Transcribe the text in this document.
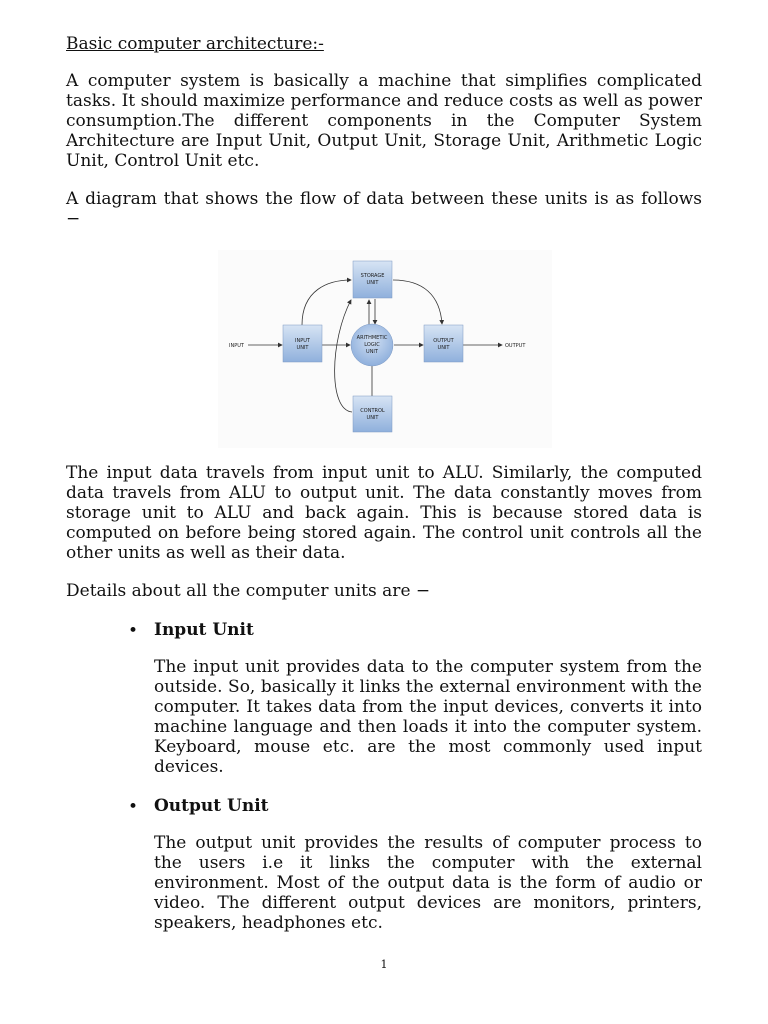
Basic computer architecture:-

A computer system is basically a machine that simplifies complicated tasks. It should maximize performance and reduce costs as well as power consumption.The different components in the Computer System Architecture are Input Unit, Output Unit, Storage Unit, Arithmetic Logic Unit, Control Unit etc.

A diagram that shows the flow of data between these units is as follows −

INPUT	OUTPUT
STORAGE
UNIT
INPUT
UNIT
ARITHMETIC
LOGIC
UNIT
OUTPUT
UNIT
CONTROL
UNIT

The input data travels from input unit to ALU. Similarly, the computed data travels from ALU to output unit. The data constantly moves from storage unit to ALU and back again. This is because stored data is computed on before being stored again. The control unit controls all the other units as well as their data.

Details about all the computer units are −

• Input Unit

The input unit provides data to the computer system from the outside. So, basically it links the external environment with the computer. It takes data from the input devices, converts it into machine language and then loads it into the computer system. Keyboard, mouse etc. are the most commonly used input devices.

• Output Unit

The output unit provides the results of computer process to the users i.e it links the computer with the external environment. Most of the output data is the form of audio or video. The different output devices are monitors, printers, speakers, headphones etc.

1
